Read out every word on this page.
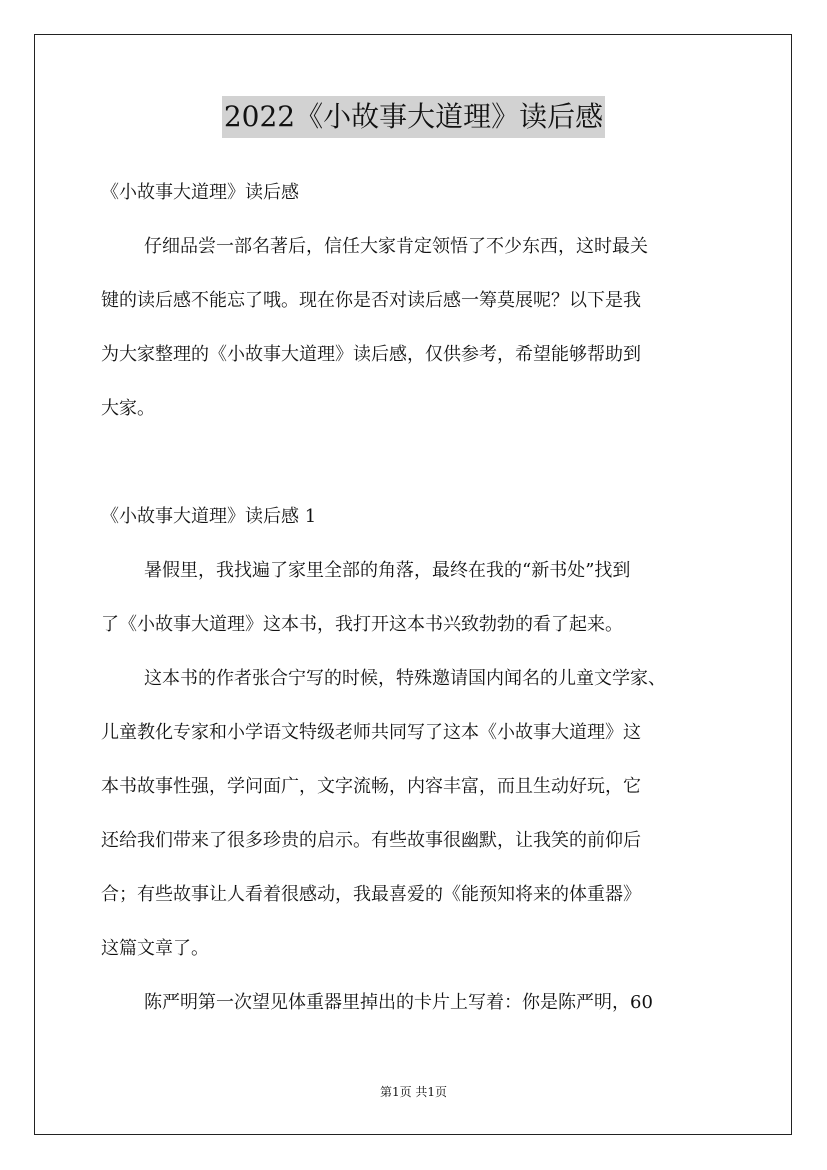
2022《小故事大道理》读后感
《小故事大道理》读后感
仔细品尝一部名著后，信任大家肯定领悟了不少东西，这时最关
键的读后感不能忘了哦。现在你是否对读后感一筹莫展呢？以下是我
为大家整理的《小故事大道理》读后感，仅供参考，希望能够帮助到
大家。
《小故事大道理》读后感 1
暑假里，我找遍了家里全部的角落，最终在我的“新书处”找到
了《小故事大道理》这本书，我打开这本书兴致勃勃的看了起来。
这本书的作者张合宁写的时候，特殊邀请国内闻名的儿童文学家、
儿童教化专家和小学语文特级老师共同写了这本《小故事大道理》这
本书故事性强，学问面广，文字流畅，内容丰富，而且生动好玩，它
还给我们带来了很多珍贵的启示。有些故事很幽默，让我笑的前仰后
合；有些故事让人看着很感动，我最喜爱的《能预知将来的体重器》
这篇文章了。
陈严明第一次望见体重器里掉出的卡片上写着：你是陈严明，60
第1页 共1页
